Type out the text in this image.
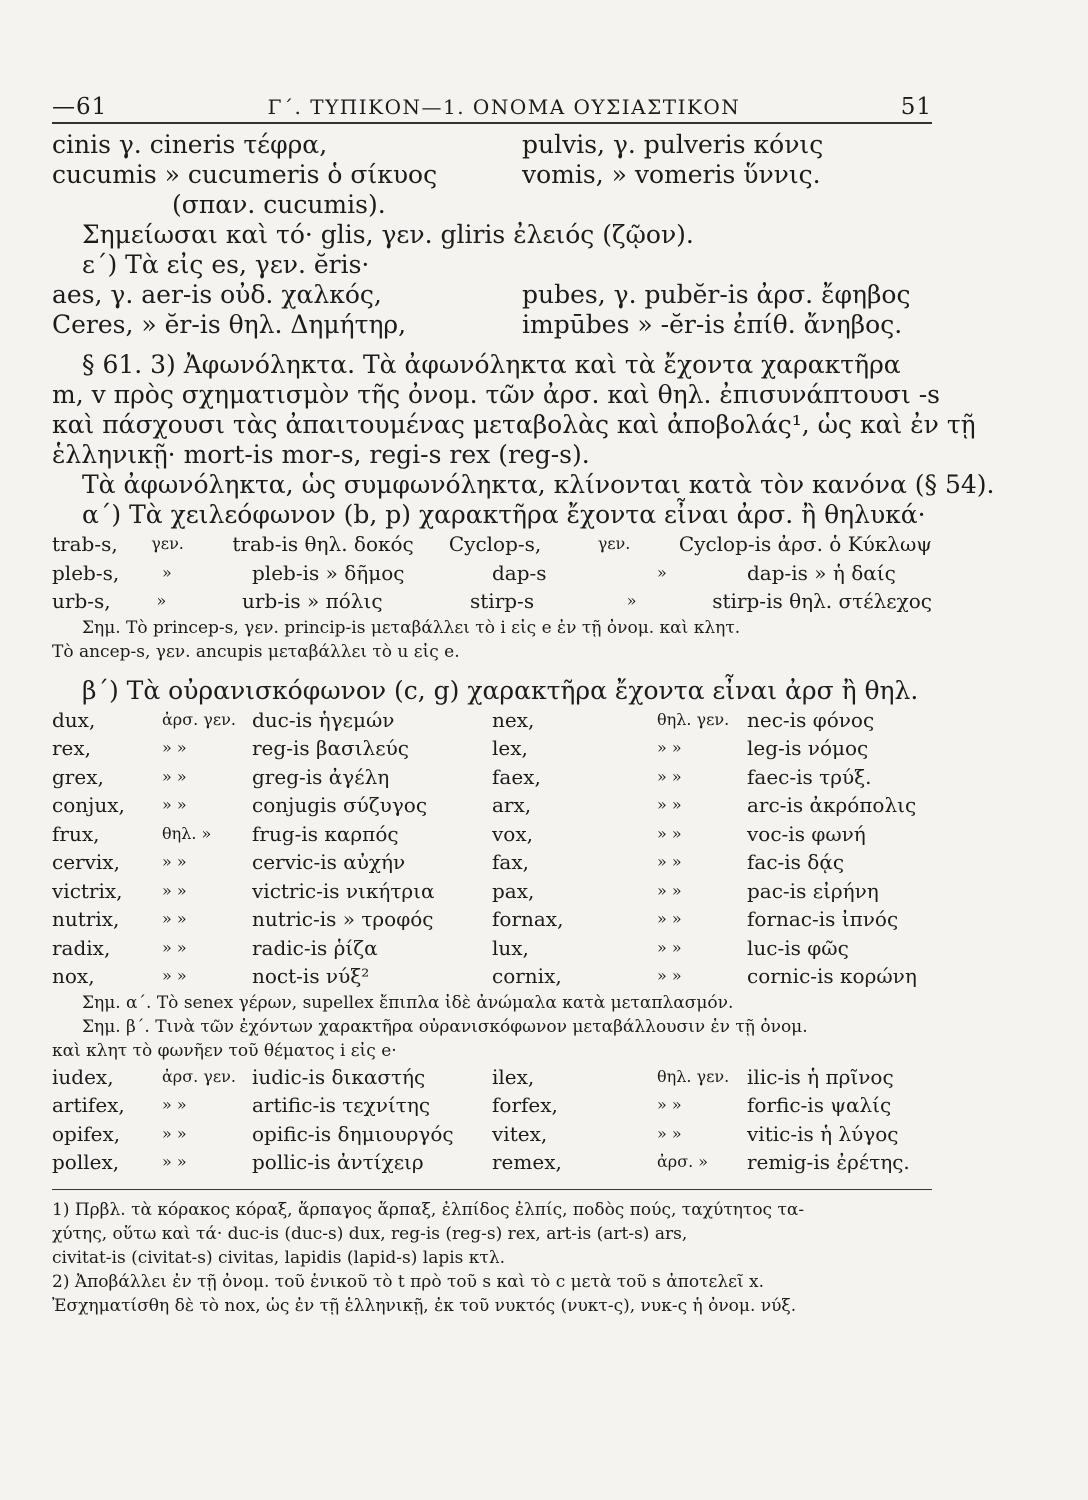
—61	Γ΄. ΤΥΠΙΚΟΝ—1. ΟΝΟΜΑ ΟΥΣΙΑΣΤΙΚΟΝ	51
cinis γ. cineris τέφρα,	pulvis, γ. pulveris κόνις
cucumis » cucumeris ὁ σίκυος	vomis, » vomeris ὕννις.
(σπαν. cucumis).
Σημείωσαι καὶ τό· glis, γεν. gliris ἐλειός (ζῷον).
ε΄) Τὰ εἰς es, γεν. ĕris·
aes, γ. aer-is οὐδ. χαλκός,	pubes, γ. pubĕr-is ἀρσ. ἔφηβος
Ceres, » ĕr-is θηλ. Δημήτηρ,	impūbes » -ĕr-is ἐπίθ. ἄνηβος.
§ 61. 3) Ἀφωνόληκτα. Τὰ ἀφωνόληκτα καὶ τὰ ἔχοντα χαρακτῆρα
m, v πρὸς σχηματισμὸν τῆς ὀνομ. τῶν ἀρσ. καὶ θηλ. ἐπισυνάπτουσι -s
καὶ πάσχουσι τὰς ἀπαιτουμένας μεταβολὰς καὶ ἀποβολάς¹, ὡς καὶ ἐν τῇ
ἑλληνικῇ· mort-is mor-s, regi-s rex (reg-s).
Τὰ ἀφωνόληκτα, ὡς συμφωνόληκτα, κλίνονται κατὰ τὸν κανόνα (§ 54).
α΄) Τὰ χειλεόφωνον (b, p) χαρακτῆρα ἔχοντα εἶναι ἀρσ. ἢ θηλυκά·
trab-s,	γεν.	trab-is θηλ. δοκός	Cyclop-s,	γεν.	Cyclop-is ἀρσ. ὁ Κύκλωψ
pleb-s,	»	pleb-is » δῆμος	dap-s	»	dap-is » ἡ δαίς
urb-s,	»	urb-is » πόλις	stirp-s	»	stirp-is θηλ. στέλεχος
Σημ. Τὸ princep-s, γεν. princip-is μεταβάλλει τὸ i εἰς e ἐν τῇ ὀνομ. καὶ κλητ.
Τὸ ancep-s, γεν. ancupis μεταβάλλει τὸ u εἰς e.
β΄) Τὰ οὐρανισκόφωνον (c, g) χαρακτῆρα ἔχοντα εἶναι ἀρσ ἢ θηλ.
dux,	ἀρσ. γεν. duc-is ἡγεμών	nex,	θηλ. γεν. nec-is φόνος
rex,	» »	reg-is βασιλεύς	lex,	» »	leg-is νόμος
grex,	» »	greg-is ἀγέλη	faex,	» »	faec-is τρύξ.
conjux,	» »	conjugis σύζυγος	arx,	» »	arc-is ἀκρόπολις
frux,	θηλ. »	frug-is καρπός	vox,	» »	voc-is φωνή
cervix,	» »	cervic-is αὐχήν	fax,	» »	fac-is δᾴς
victrix,	» »	victric-is νικήτρια	pax,	» »	pac-is εἰρήνη
nutrix,	» »	nutric-is » τροφός	fornax,	» »	fornac-is ἰπνός
radix,	» »	radic-is ῥίζα	lux,	» »	luc-is φῶς
nox,	» »	noct-is νύξ²	cornix,	» »	cornic-is κορώνη
Σημ. α΄. Τὸ senex γέρων, supellex ἔπιπλα ἰδὲ ἀνώμαλα κατὰ μεταπλασμόν.
Σημ. β΄. Τινὰ τῶν ἐχόντων χαρακτῆρα οὐρανισκόφωνον μεταβάλλουσιν ἐν τῇ ὀνομ.
καὶ κλητ τὸ φωνῆεν τοῦ θέματος i εἰς e·
iudex,	ἀρσ. γεν. iudic-is δικαστής	ilex,	θηλ. γεν. ilic-is ἡ πρῖνος
artifex,	» »	artific-is τεχνίτης	forfex,	» »	forfic-is ψαλίς
opifex,	» »	opific-is δημιουργός	vitex,	» »	vitic-is ἡ λύγος
pollex,	» »	pollic-is ἀντίχειρ	remex,	ἀρσ. »	remig-is ἐρέτης.
1) Πρβλ. τὰ κόρακος κόραξ, ἅρπαγος ἅρπαξ, ἐλπίδος ἐλπίς, ποδὸς πούς, ταχύτητος τα-
χύτης, οὕτω καὶ τά· duc-is (duc-s) dux, reg-is (reg-s) rex, art-is (art-s) ars,
civitat-is (civitat-s) civitas, lapidis (lapid-s) lapis κτλ.
2) Ἀποβάλλει ἐν τῇ ὀνομ. τοῦ ἑνικοῦ τὸ t πρὸ τοῦ s καὶ τὸ c μετὰ τοῦ s ἀποτελεῖ x.
Ἐσχηματίσθη δὲ τὸ nox, ὡς ἐν τῇ ἑλληνικῇ, ἐκ τοῦ νυκτός (νυκτ-ς), νυκ-ς ἡ ὀνομ. νύξ.
